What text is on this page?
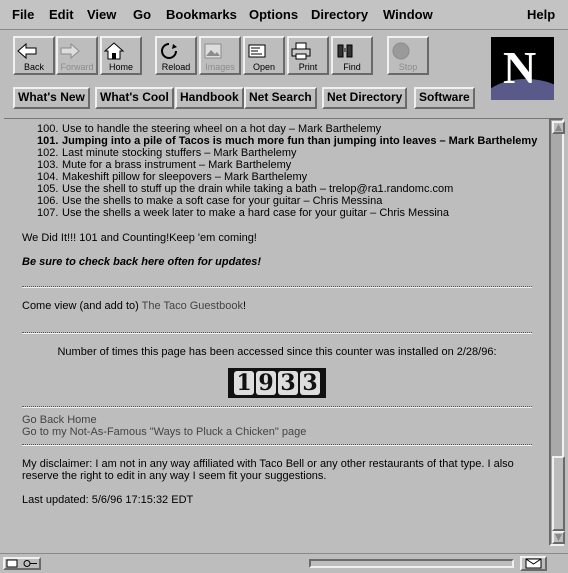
File Edit View Go Bookmarks Options Directory Window	Help
Back	Forward	Home	Reload	Images	Open	Print	Find	Stop
What's New	What's Cool Handbook Net Search	Net Directory	Software
N
100. Use to handle the steering wheel on a hot day – Mark Barthelemy
101. Jumping into a pile of Tacos is much more fun than jumping into leaves – Mark Barthelemy
102. Last minute stocking stuffers – Mark Barthelemy
103. Mute for a brass instrument – Mark Barthelemy
104. Makeshift pillow for sleepovers – Mark Barthelemy
105. Use the shell to stuff up the drain while taking a bath – trelop@ra1.randomc.com
106. Use the shells to make a soft case for your guitar – Chris Messina
107. Use the shells a week later to make a hard case for your guitar – Chris Messina
We Did It!!! 101 and Counting!Keep 'em coming!
Be sure to check back here often for updates!
Come view (and add to) The Taco Guestbook!
Number of times this page has been accessed since this counter was installed on 2/28/96:
1 9 3 3
Go Back Home
Go to my Not-As-Famous "Ways to Pluck a Chicken" page
My disclaimer: I am not in any way affiliated with Taco Bell or any other restaurants of that type. I also reserve the right to edit in any way I seem fit your suggestions.
Last updated: 5/6/96 17:15:32 EDT
